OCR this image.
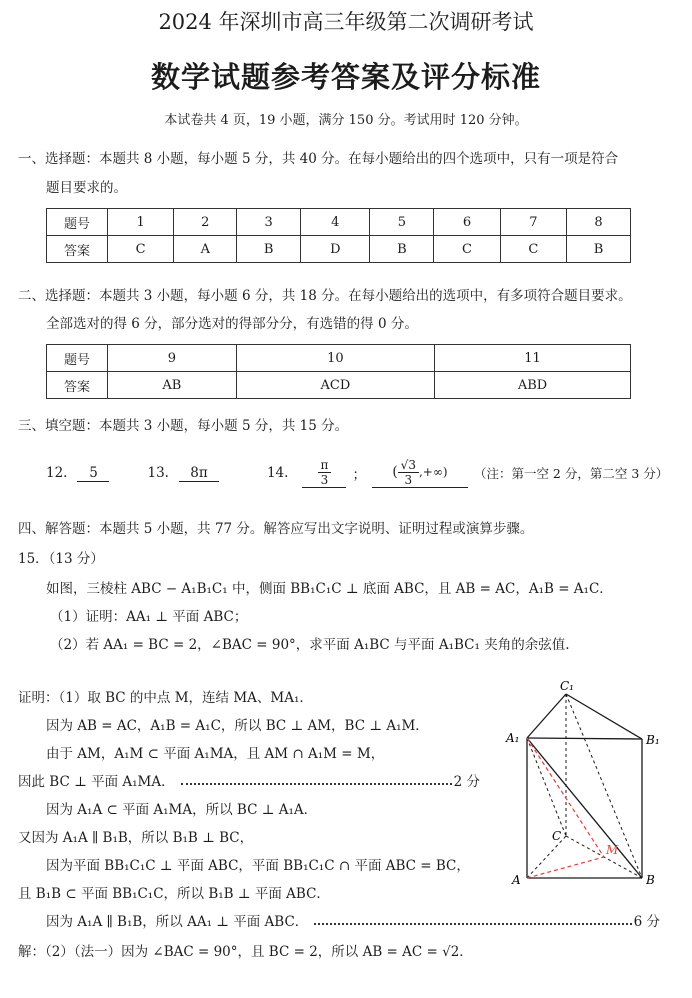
2024 年深圳市高三年级第二次调研考试
数学试题参考答案及评分标准
本试卷共 4 页，19 小题，满分 150 分。考试用时 120 分钟。
一、选择题：本题共 8 小题，每小题 5 分，共 40 分。在每小题给出的四个选项中，只有一项是符合
题目要求的。
题号	1	2	3	4	5	6	7	8
答案	C	A	B	D	B	C	C	B
二、选择题：本题共 3 小题，每小题 6 分，共 18 分。在每小题给出的选项中，有多项符合题目要求。
全部选对的得 6 分，部分选对的得部分分，有选错的得 0 分。
题号	9	10	11
答案	AB	ACD	ABD
三、填空题：本题共 3 小题，每小题 5 分，共 15 分。
12.	5	13.	8π	14. $\frac{\pi}{3}$ ；	( $\frac{√3}{3}$ ,+∞)	（注：第一空 2 分，第二空 3 分）
四、解答题：本题共 5 小题，共 77 分。解答应写出文字说明、证明过程或演算步骤。
15．（13 分）
如图，三棱柱 ABC − A₁B₁C₁ 中，侧面 BB₁C₁C ⊥ 底面 ABC，且 AB = AC，A₁B = A₁C．
（1）证明：AA₁ ⊥ 平面 ABC；
（2）若 AA₁ = BC = 2，∠BAC = 90°，求平面 A₁BC 与平面 A₁BC₁ 夹角的余弦值.
证明：（1）取 BC 的中点 M，连结 MA、MA₁．
因为 AB = AC，A₁B = A₁C，所以 BC ⊥ AM，BC ⊥ A₁M．
由于 AM，A₁M ⊂ 平面 A₁MA，且 AM ∩ A₁M = M，
因此 BC ⊥ 平面 A₁MA．	2 分
因为 A₁A ⊂ 平面 A₁MA，所以 BC ⊥ A₁A．
又因为 A₁A ∥ B₁B，所以 B₁B ⊥ BC，
因为平面 BB₁C₁C ⊥ 平面 ABC，平面 BB₁C₁C ∩ 平面 ABC = BC，
且 B₁B ⊂ 平面 BB₁C₁C，所以 B₁B ⊥ 平面 ABC．
因为 A₁A ∥ B₁B，所以 AA₁ ⊥ 平面 ABC．	6 分
解：（2）（法一）因为 ∠BAC = 90°，且 BC = 2，所以 AB = AC = √2．
C₁
A₁	B₁
C
M
A	B
